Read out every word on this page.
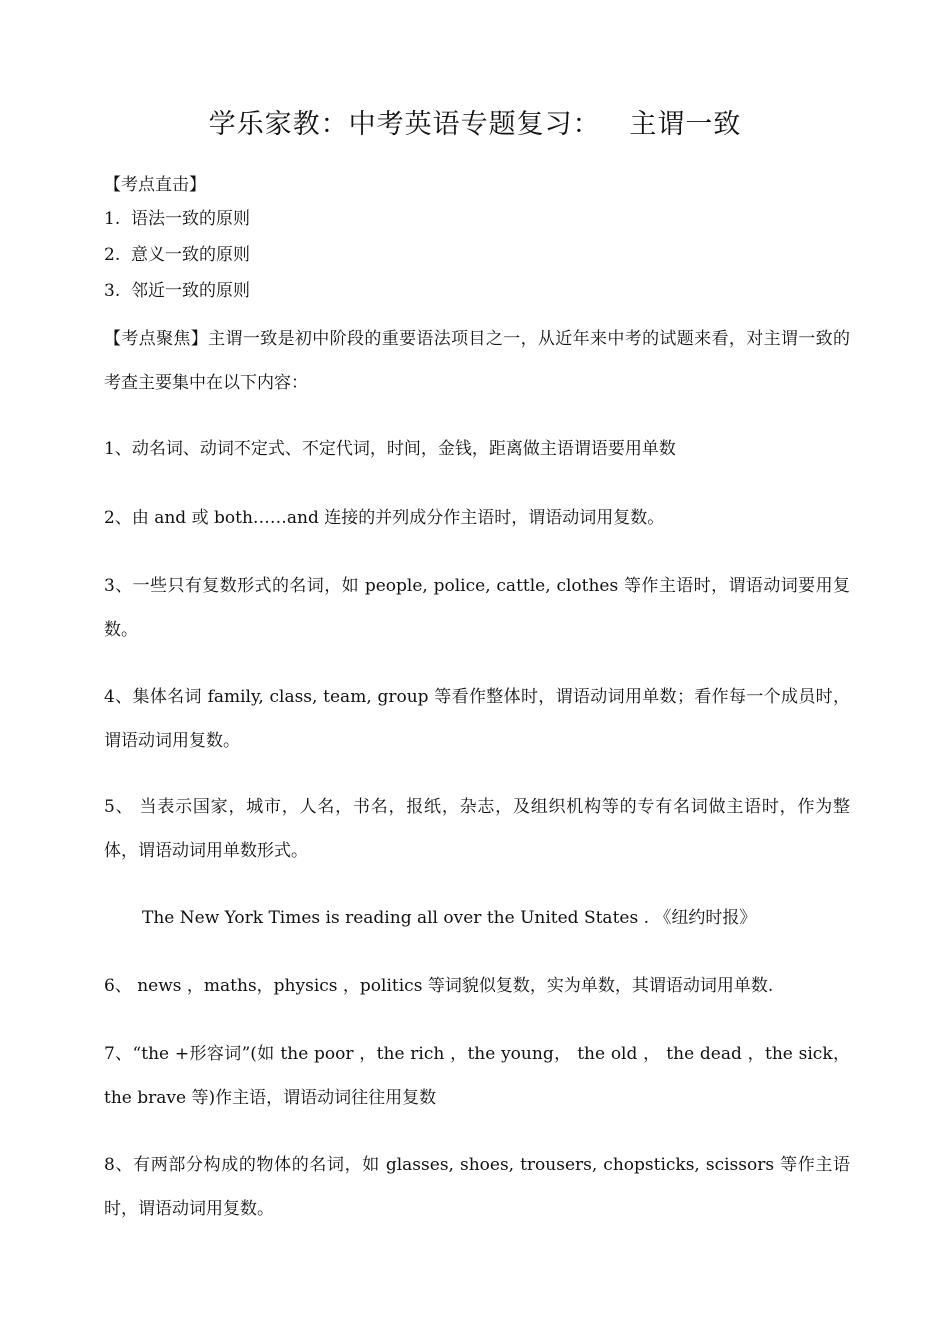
学乐家教：中考英语专题复习：   主谓一致
【考点直击】
1.  语法一致的原则
2.  意义一致的原则
3.  邻近一致的原则
【考点聚焦】主谓一致是初中阶段的重要语法项目之一，从近年来中考的试题来看，对主谓一致的考查主要集中在以下内容：
1、动名词、动词不定式、不定代词，时间，金钱，距离做主语谓语要用单数
2、由 and 或 both……and 连接的并列成分作主语时，谓语动词用复数。
3、一些只有复数形式的名词，如 people, police, cattle, clothes 等作主语时，谓语动词要用复数。
4、集体名词 family, class, team, group 等看作整体时，谓语动词用单数；看作每一个成员时，谓语动词用复数。
5、 当表示国家，城市，人名，书名，报纸，杂志，及组织机构等的专有名词做主语时，作为整体，谓语动词用单数形式。
The New York Times is reading all over the United States . 《纽约时报》
6、 news ，maths，physics ，politics 等词貌似复数，实为单数，其谓语动词用单数.
7、“the +形容词”(如 the poor ，the rich ，the young， the old ， the dead ，the sick，the brave 等)作主语，谓语动词往往用复数
8、有两部分构成的物体的名词，如 glasses, shoes, trousers, chopsticks, scissors 等作主语时，谓语动词用复数。
